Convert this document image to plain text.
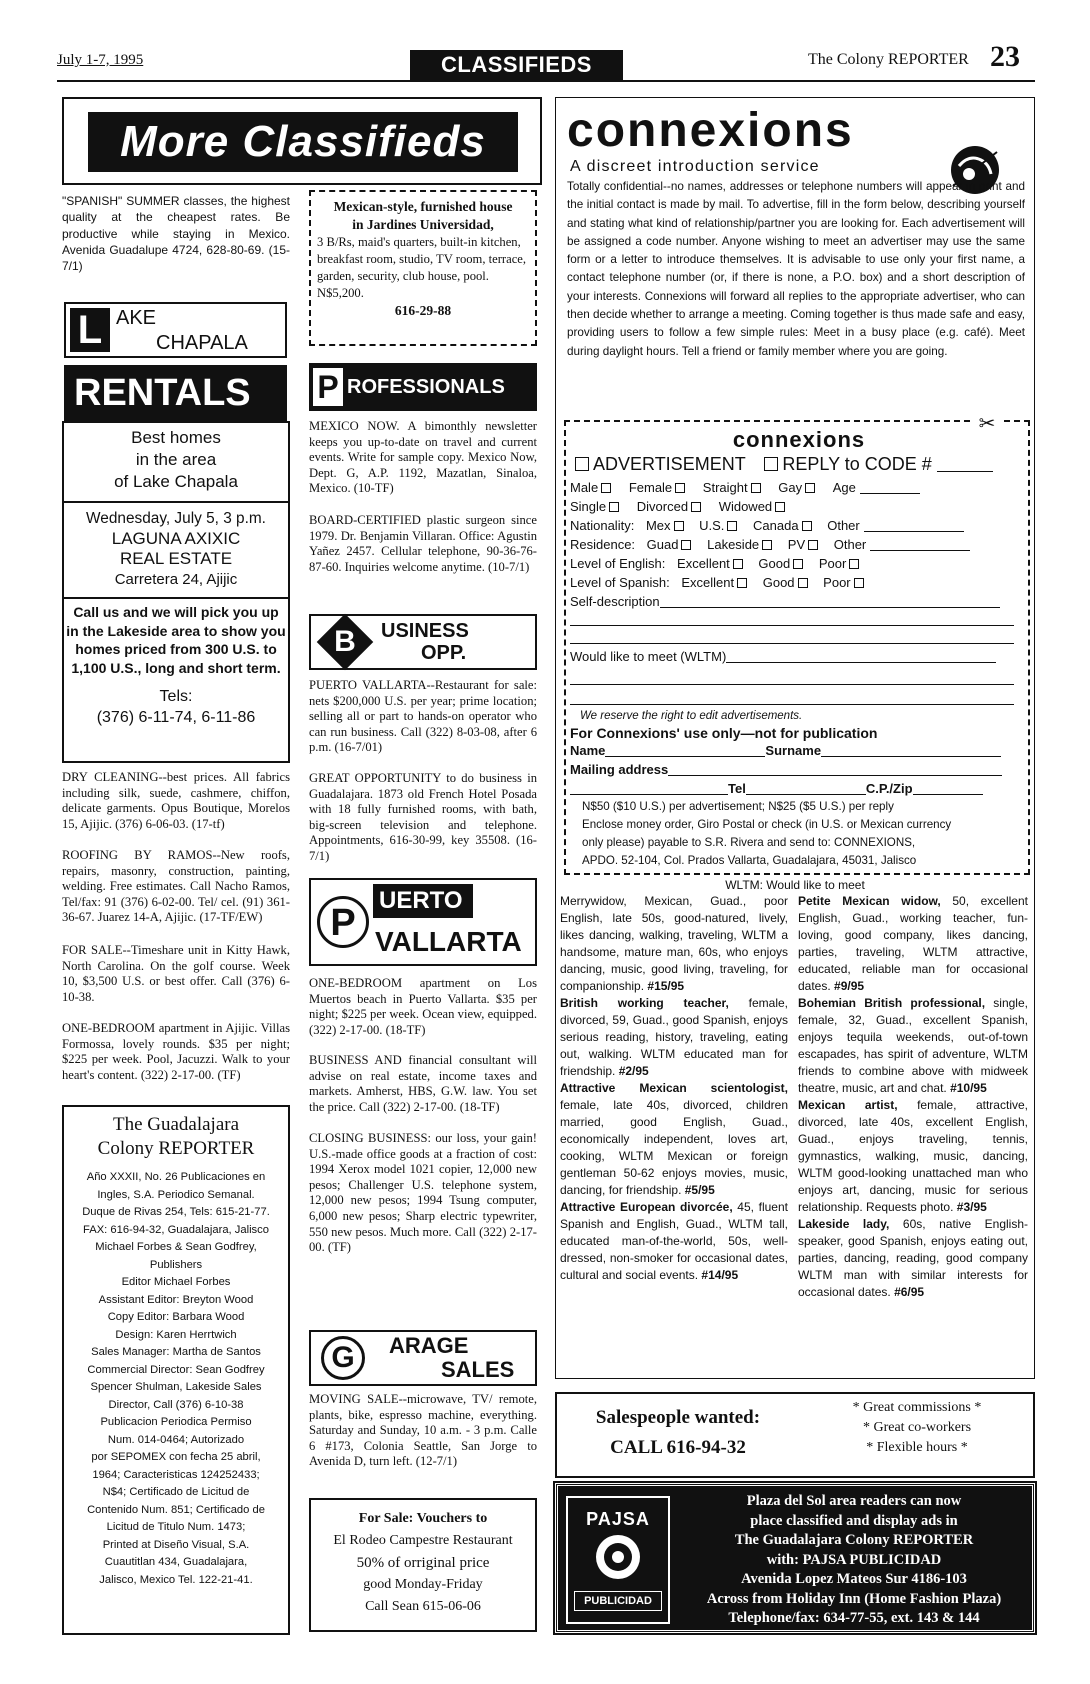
July 1-7, 1995	CLASSIFIEDS	The Colony REPORTER 23
More Classifieds
"SPANISH" SUMMER classes, the highest quality at the cheapest rates. Be productive while staying in Mexico. Avenida Guadalupe 4724, 628-80-69. (15-7/1)
L AKE
CHAPALA
RENTALS
Best homes
in the area
of Lake Chapala
Wednesday, July 5, 3 p.m.
LAGUNA AXIXIC
REAL ESTATE
Carretera 24, Ajijic
Call us and we will pick you up in the Lakeside area to show you homes priced from 300 U.S. to 1,100 U.S., long and short term.
Tels:
(376) 6-11-74, 6-11-86
DRY CLEANING--best prices. All fabrics including silk, suede, cashmere, chiffon, delicate garments. Opus Boutique, Morelos 15, Ajijic. (376) 6-06-03. (17-tf)
ROOFING BY RAMOS--New roofs, repairs, masonry, construction, painting, welding. Free estimates. Call Nacho Ramos, Tel/fax: 91 (376) 6-02-00. Tel/ cel. (91) 361-36-67. Juarez 14-A, Ajijic. (17-TF/EW)
FOR SALE--Timeshare unit in Kitty Hawk, North Carolina. On the golf course. Week 10, $3,500 U.S. or best offer. Call (376) 6-10-38.
ONE-BEDROOM apartment in Ajijic. Villas Formossa, lovely rounds. $35 per night; $225 per week. Pool, Jacuzzi. Walk to your heart's content. (322) 2-17-00. (TF)
The Guadalajara
Colony REPORTER
Año XXXII, No. 26 Publicaciones en
Ingles, S.A. Periodico Semanal.
Duque de Rivas 254, Tels: 615-21-77.
FAX: 616-94-32, Guadalajara, Jalisco
Michael Forbes & Sean Godfrey,
Publishers
Editor Michael Forbes
Assistant Editor: Breyton Wood
Copy Editor: Barbara Wood
Design: Karen Herrtwich
Sales Manager: Martha de Santos
Commercial Director: Sean Godfrey
Spencer Shulman, Lakeside Sales
Director, Call (376) 6-10-38
Publicacion Periodica Permiso
Num. 014-0464; Autorizado
por SEPOMEX con fecha 25 abril,
1964; Caracteristicas 124252433;
N$4; Certificado de Licitud de
Contenido Num. 851; Certificado de
Licitud de Titulo Num. 1473;
Printed at Diseño Visual, S.A.
Cuautitlan 434, Guadalajara,
Jalisco, Mexico Tel. 122-21-41.
Mexican-style, furnished house
in Jardines Universidad,
3 B/Rs, maid's quarters, built-in kitchen, breakfast room, studio, TV room, terrace, garden, security, club house, pool. N$5,200.
616-29-88
P ROFESSIONALS
MEXICO NOW. A bimonthly newsletter keeps you up-to-date on travel and current events. Write for sample copy. Mexico Now, Dept. G, A.P. 1192, Mazatlan, Sinaloa, Mexico. (10-TF)
BOARD-CERTIFIED plastic surgeon since 1979. Dr. Benjamin Villaran. Office: Agustin Yañez 2457. Cellular telephone, 90-36-76-87-60. Inquiries welcome anytime. (10-7/1)
B	USINESS
OPP.
PUERTO VALLARTA--Restaurant for sale: nets $200,000 U.S. per year; prime location; selling all or part to hands-on operator who can run business. Call (322) 8-03-08, after 6 p.m. (16-7/01)
GREAT OPPORTUNITY to do business in Guadalajara. 1873 old French Hotel Posada with 18 fully furnished rooms, with bath, big-screen television and telephone. Appointments, 616-30-99, key 35508. (16-7/1)
P
UERTO
VALLARTA
ONE-BEDROOM apartment on Los Muertos beach in Puerto Vallarta. $35 per night; $225 per week. Ocean view, equipped. (322) 2-17-00. (18-TF)
BUSINESS AND financial consultant will advise on real estate, income taxes and markets. Amherst, HBS, G.W. law. You set the price. Call (322) 2-17-00. (18-TF)
CLOSING BUSINESS: our loss, your gain! U.S.-made office goods at a fraction of cost: 1994 Xerox model 1021 copier, 12,000 new pesos; Challenger U.S. telephone system, 12,000 new pesos; 1994 Tsung computer, 6,000 new pesos; Sharp electric typewriter, 550 new pesos. Much more. Call (322) 2-17-00. (TF)
G	ARAGE
SALES
MOVING SALE--microwave, TV/ remote, plants, bike, espresso machine, everything. Saturday and Sunday, 10 a.m. - 3 p.m. Calle 6 #173, Colonia Seattle, San Jorge to Avenida D, turn left. (12-7/1)
For Sale: Vouchers to
El Rodeo Campestre Restaurant
50% of orriginal price
good Monday-Friday
Call Sean 615-06-06
connexions
A discreet introduction service
Totally confidential--no names, addresses or telephone numbers will appear in print and the initial contact is made by mail. To advertise, fill in the form below, describing yourself and stating what kind of relationship/partner you are looking for. Each advertisement will be assigned a code number. Anyone wishing to meet an advertiser may use the same form or a letter to introduce themselves. It is advisable to use only your first name, a contact telephone number (or, if there is none, a P.O. box) and a short description of your interests. Connexions will forward all replies to the appropriate advertiser, who can then decide whether to arrange a meeting. Coming together is thus made safe and easy, providing users to follow a few simple rules: Meet in a busy place (e.g. café). Meet during daylight hours. Tell a friend or family member where you are going.
connexions
✂
ADVERTISEMENT REPLY to CODE #
Male Female Straight Gay Age
Single Divorced Widowed
Nationality: Mex U.S. Canada Other
Residence: Guad Lakeside PV Other
Level of English: Excellent Good Poor
Level of Spanish: Excellent Good Poor
Self-description
Would like to meet (WLTM)
We reserve the right to edit advertisements.
For Connexions' use only—not for publication
Name	Surname
Mailing address
Tel	C.P./Zip
N$50 ($10 U.S.) per advertisement; N$25 ($5 U.S.) per reply
Enclose money order, Giro Postal or check (in U.S. or Mexican currency
only please) payable to S.R. Rivera and send to: CONNEXIONS,
APDO. 52-104, Col. Prados Vallarta, Guadalajara, 45031, Jalisco
WLTM: Would like to meet
Merrywidow, Mexican, Guad., poor English, late 50s, good-natured, lively, likes dancing, walking, traveling, WLTM a handsome, mature man, 60s, who enjoys dancing, music, good living, traveling, for companionship. #15/95
British working teacher, female, divorced, 59, Guad., good Spanish, enjoys serious reading, history, traveling, eating out, walking. WLTM educated man for friendship. #2/95
Attractive Mexican scientologist, female, late 40s, divorced, children married, good English, Guad., economically independent, loves art, cooking, WLTM Mexican or foreign gentleman 50-62 enjoys movies, music, dancing, for friendship. #5/95
Attractive European divorcée, 45, fluent Spanish and English, Guad., WLTM tall, educated man-of-the-world, 50s, well-dressed, non-smoker for occasional dates, cultural and social events. #14/95
Petite Mexican widow, 50, excellent English, Guad., working teacher, fun-loving, good company, likes dancing, parties, traveling, WLTM attractive, educated, reliable man for occasional dates. #9/95
Bohemian British professional, single, female, 32, Guad., excellent Spanish, enjoys tequila weekends, out-of-town escapades, has spirit of adventure, WLTM friends to combine above with midweek theatre, music, art and chat. #10/95
Mexican artist, female, attractive, divorced, late 40s, excellent English, Guad., enjoys traveling, tennis, gymnastics, walking, music, dancing, WLTM good-looking unattached man who enjoys art, dancing, music for serious relationship. Requests photo. #3/95
Lakeside lady, 60s, native English-speaker, good Spanish, enjoys eating out, parties, dancing, reading, good company WLTM man with similar interests for occasional dates. #6/95
Salespeople wanted:
CALL 616-94-32
* Great commissions *
* Great co-workers
* Flexible hours *
PAJSA
PUBLICIDAD
Plaza del Sol area readers can now
place classified and display ads in
The Guadalajara Colony REPORTER
with: PAJSA PUBLICIDAD
Avenida Lopez Mateos Sur 4186-103
Across from Holiday Inn (Home Fashion Plaza)
Telephone/fax: 634-77-55, ext. 143 & 144
